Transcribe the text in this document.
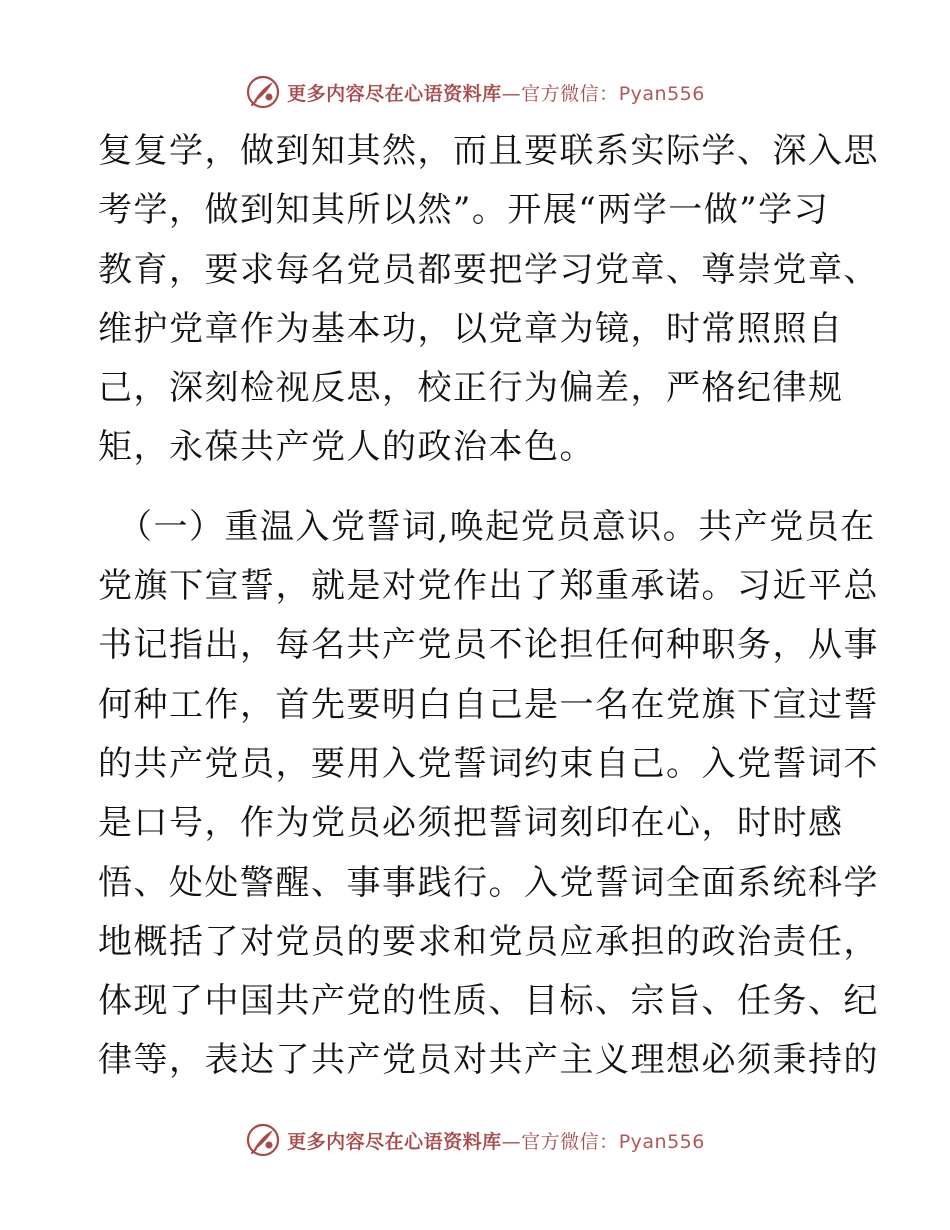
更多内容尽在心语资料库—官方微信：Pyan556

复复学，做到知其然，而且要联系实际学、深入思

考学，做到知其所以然”。开展“两学一做”学习

教育，要求每名党员都要把学习党章、尊崇党章、

维护党章作为基本功，以党章为镜，时常照照自

己，深刻检视反思，校正行为偏差，严格纪律规

矩，永葆共产党人的政治本色。

（一）重温入党誓词,唤起党员意识。共产党员在

党旗下宣誓，就是对党作出了郑重承诺。习近平总

书记指出，每名共产党员不论担任何种职务，从事

何种工作，首先要明白自己是一名在党旗下宣过誓

的共产党员，要用入党誓词约束自己。入党誓词不

是口号，作为党员必须把誓词刻印在心，时时感

悟、处处警醒、事事践行。入党誓词全面系统科学

地概括了对党员的要求和党员应承担的政治责任，

体现了中国共产党的性质、目标、宗旨、任务、纪

律等，表达了共产党员对共产主义理想必须秉持的

更多内容尽在心语资料库—官方微信：Pyan556
